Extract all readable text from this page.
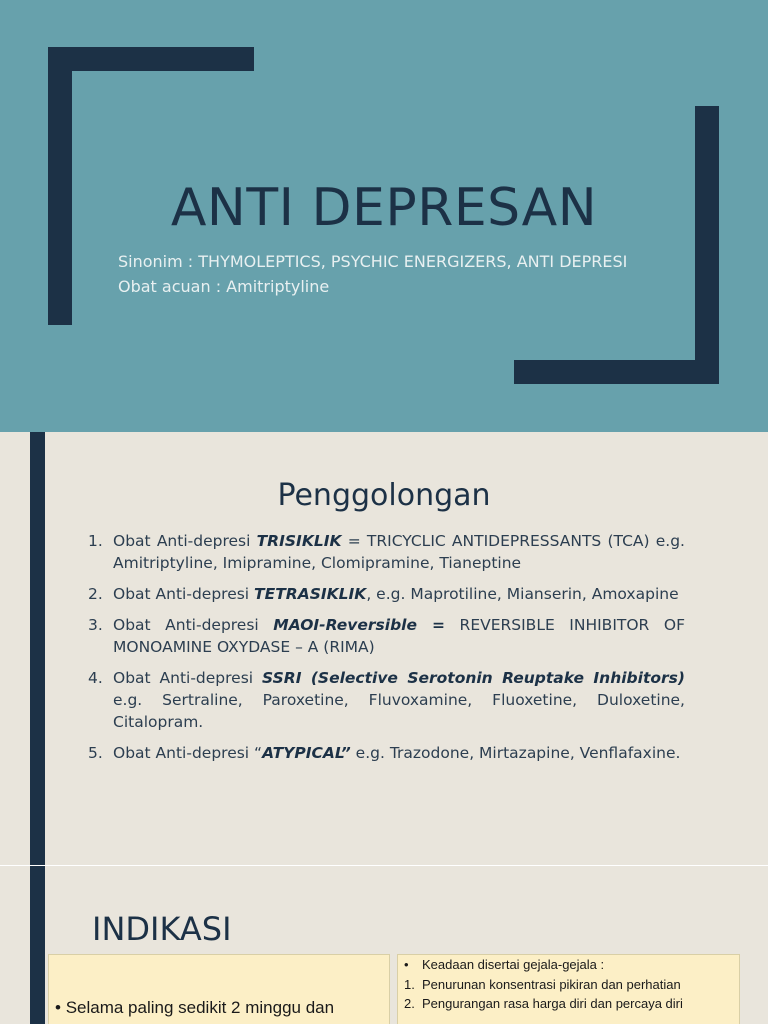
ANTI DEPRESAN
Sinonim : THYMOLEPTICS, PSYCHIC ENERGIZERS, ANTI DEPRESI
Obat acuan : Amitriptyline
Penggolongan
1. Obat Anti-depresi TRISIKLIK = TRICYCLIC ANTIDEPRESSANTS (TCA) e.g. Amitriptyline, Imipramine, Clomipramine, Tianeptine
2. Obat Anti-depresi TETRASIKLIK, e.g. Maprotiline, Mianserin, Amoxapine
3. Obat Anti-depresi MAOI-Reversible = REVERSIBLE INHIBITOR OF MONOAMINE OXYDASE – A (RIMA)
4. Obat Anti-depresi SSRI (Selective Serotonin Reuptake Inhibitors) e.g. Sertraline, Paroxetine, Fluvoxamine, Fluoxetine, Duloxetine, Citalopram.
5. Obat Anti-depresi “ATYPICAL” e.g. Trazodone, Mirtazapine, Venflafaxine.
INDIKASI
• Selama paling sedikit 2 minggu dan
• Keadaan disertai gejala-gejala :
1. Penurunan konsentrasi pikiran dan perhatian
2. Pengurangan rasa harga diri dan percaya diri
